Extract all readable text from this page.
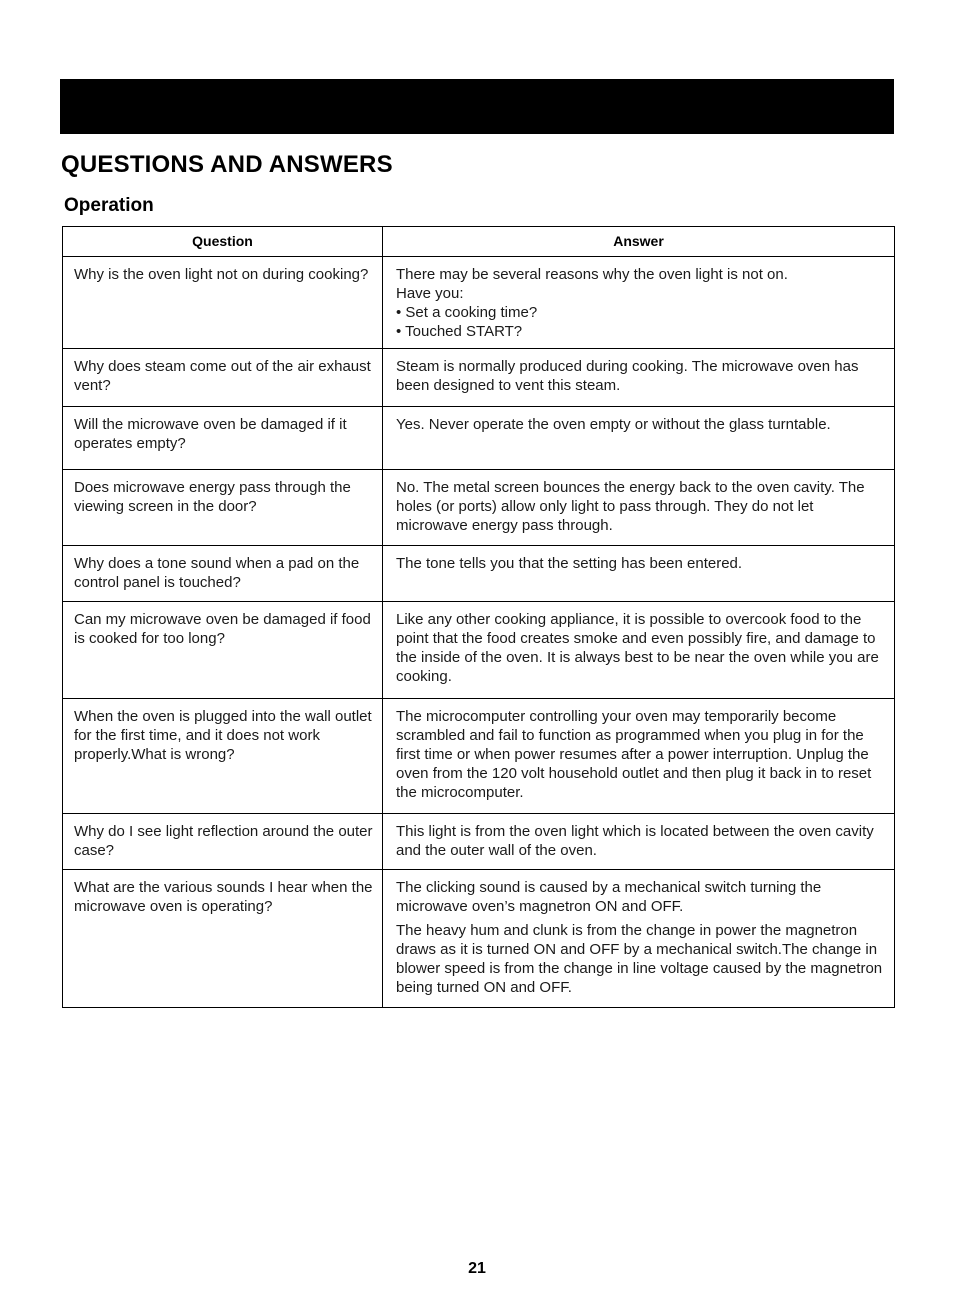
QUESTIONS AND ANSWERS
Operation
Question	Answer
Why is the oven light not on during cooking?	There may be several reasons why the oven light is not on.
Have you:
• Set a cooking time?
• Touched START?

Why does steam come out of the air exhaust vent?	Steam is normally produced during cooking. The microwave oven has been designed to vent this steam.
Will the microwave oven be damaged if it operates empty?	Yes. Never operate the oven empty or without the glass turntable.
Does microwave energy pass through the viewing screen in the door?	No. The metal screen bounces the energy back to the oven cavity. The holes (or ports) allow only light to pass through. They do not let microwave energy pass through.
Why does a tone sound when a pad on the control panel is touched?	The tone tells you that the setting has been entered.
Can my microwave oven be damaged if food is cooked for too long?	Like any other cooking appliance, it is possible to overcook food to the point that the food creates smoke and even possibly fire, and damage to the inside of the oven. It is always best to be near the oven while you are cooking.
When the oven is plugged into the wall outlet for the first time, and it does not work properly.What is wrong?	The microcomputer controlling your oven may temporarily become scrambled and fail to function as programmed when you plug in for the first time or when power resumes after a power interruption. Unplug the oven from the 120 volt household outlet and then plug it back in to reset the microcomputer.
Why do I see light reflection around the outer case?	This light is from the oven light which is located between the oven cavity and the outer wall of the oven.
What are the various sounds I hear when the microwave oven is operating?	The clicking sound is caused by a mechanical switch turning the microwave oven’s magnetron ON and OFF.
The heavy hum and clunk is from the change in power the magnetron draws as it is turned ON and OFF by a mechanical switch.The change in blower speed is from the change in line voltage caused by the magnetron being turned ON and OFF.
21
